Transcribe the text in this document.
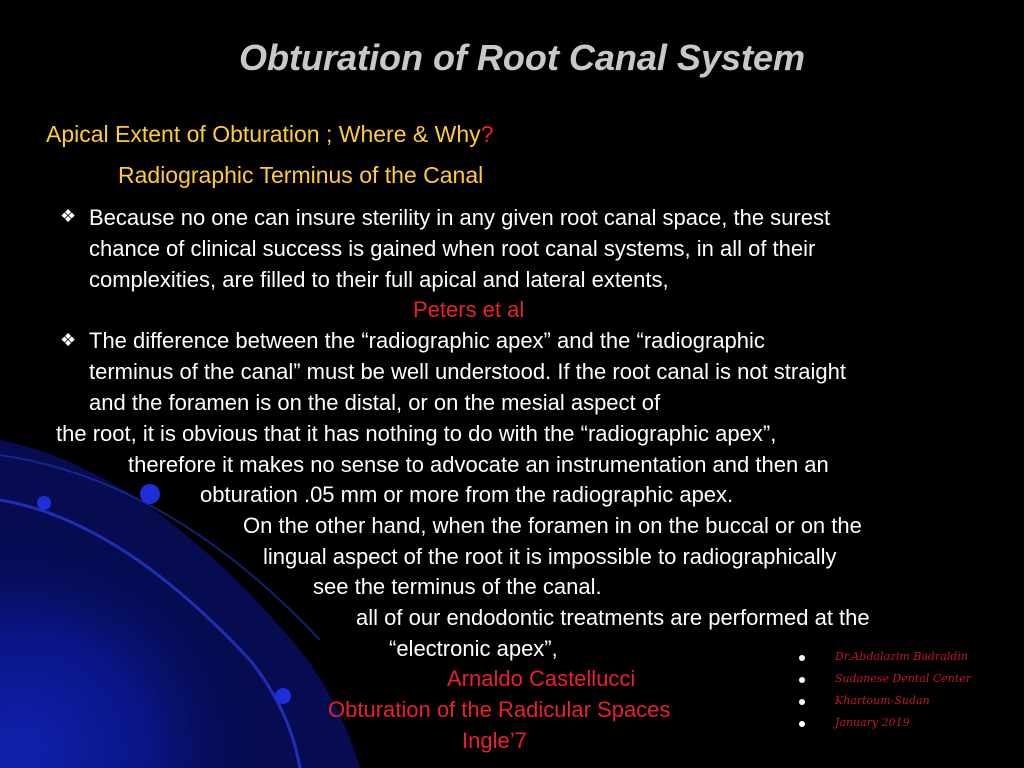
Obturation of Root Canal System
Apical Extent of Obturation ; Where & Why?
Radiographic Terminus of the Canal
❖ Because no one can insure sterility in any given root canal space, the surest
chance of clinical success is gained when root canal systems, in all of their
complexities, are filled to their full apical and lateral extents,
Peters et al
❖ The difference between the “radiographic apex” and the “radiographic
terminus of the canal” must be well understood. If the root canal is not straight
and the foramen is on the distal, or on the mesial aspect of
the root, it is obvious that it has nothing to do with the “radiographic apex”,
therefore it makes no sense to advocate an instrumentation and then an
obturation .05 mm or more from the radiographic apex.
On the other hand, when the foramen in on the buccal or on the
lingual aspect of the root it is impossible to radiographically
see the terminus of the canal.
all of our endodontic treatments are performed at the
“electronic apex”,
Arnaldo Castellucci
Obturation of the Radicular Spaces
Ingle’7
Dr.Abdalazim Badraldin
Sudanese Dental Center
Khartoum-Sudan
January 2019
